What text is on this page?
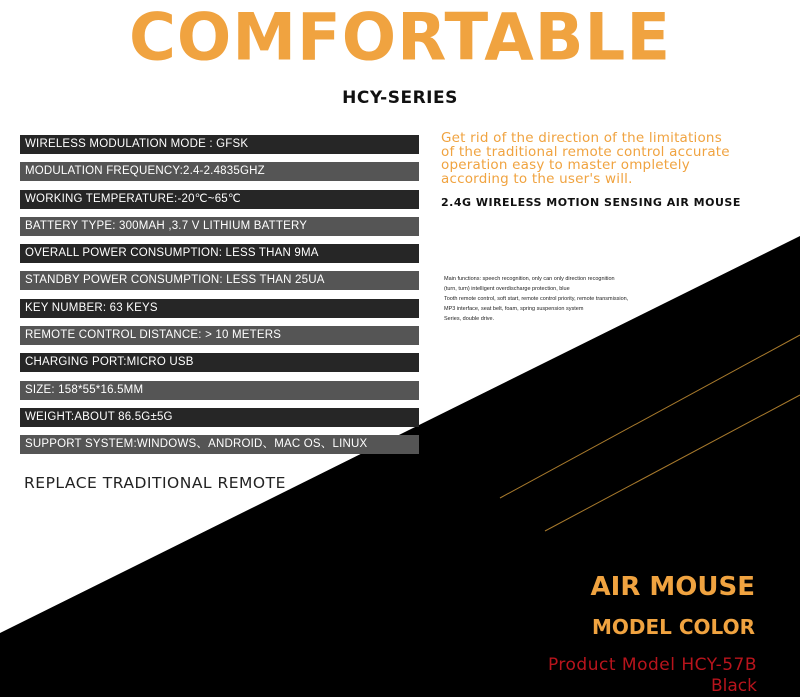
COMFORTABLE
HCY-SERIES
WIRELESS MODULATION MODE : GFSK
MODULATION FREQUENCY:2.4-2.4835GHZ
WORKING TEMPERATURE:-20℃~65℃
BATTERY TYPE: 300MAH ,3.7 V LITHIUM BATTERY
OVERALL POWER CONSUMPTION: LESS THAN 9MA
STANDBY POWER CONSUMPTION: LESS THAN 25UA
KEY NUMBER: 63 KEYS
REMOTE CONTROL DISTANCE: > 10 METERS
CHARGING PORT:MICRO USB
SIZE: 158*55*16.5MM
WEIGHT:ABOUT 86.5G±5G
SUPPORT SYSTEM:WINDOWS、ANDROID、MAC OS、LINUX
REPLACE TRADITIONAL REMOTE
Get rid of the direction of the limitations
of the traditional remote control accurate
operation easy to master ompletely
according to the user's will.
2.4G WIRELESS MOTION SENSING AIR MOUSE
Main functions: speech recognition, only can only direction recognition
(turn, turn) intelligent overdischarge protection, blue
Tooth remote control, soft start, remote control priority, remote transmission,
MP3 interface, seat belt, foam, spring suspension system
Series, double drive.
AIR MOUSE
MODEL COLOR
Product Model HCY-57B
Black
